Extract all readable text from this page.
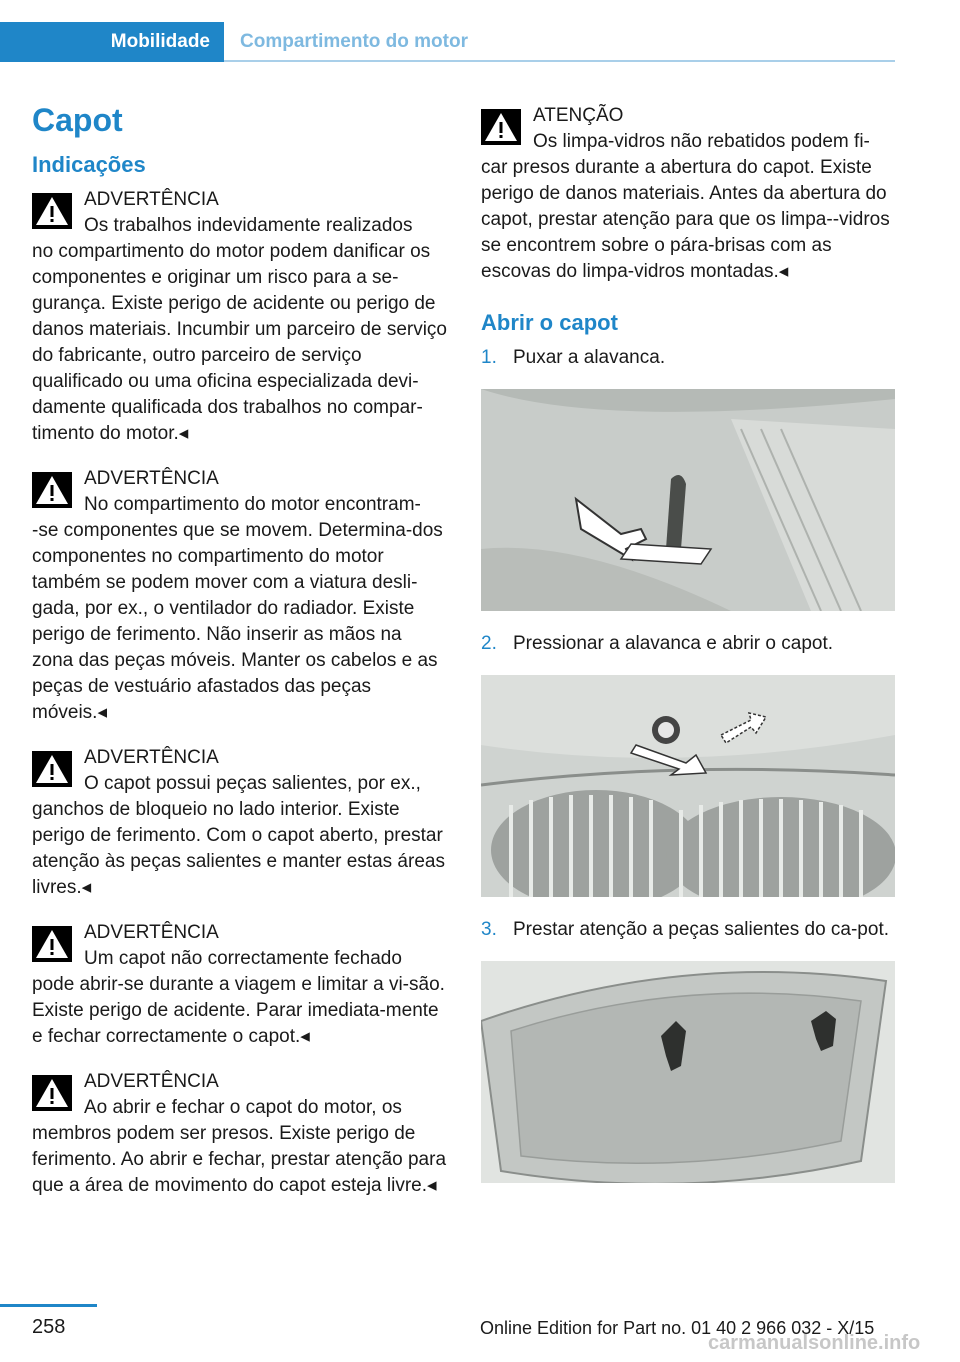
Mobilidade	Compartimento do motor
Capot
Indicações
ADVERTÊNCIA
Os trabalhos indevidamente realizados
no compartimento do motor podem danificar os componentes e originar um risco para a se-gurança. Existe perigo de acidente ou perigo de danos materiais. Incumbir um parceiro de serviço do fabricante, outro parceiro de serviço qualificado ou uma oficina especializada devi-damente qualificada dos trabalhos no compar-timento do motor.◂
ADVERTÊNCIA
No compartimento do motor encontram-
-se componentes que se movem. Determina-dos componentes no compartimento do motor também se podem mover com a viatura desli-gada, por ex., o ventilador do radiador. Existe perigo de ferimento. Não inserir as mãos na zona das peças móveis. Manter os cabelos e as peças de vestuário afastados das peças móveis.◂
ADVERTÊNCIA
O capot possui peças salientes, por ex.,
ganchos de bloqueio no lado interior. Existe perigo de ferimento. Com o capot aberto, prestar atenção às peças salientes e manter estas áreas livres.◂
ADVERTÊNCIA
Um capot não correctamente fechado
pode abrir-se durante a viagem e limitar a vi-são. Existe perigo de acidente. Parar imediata-mente e fechar correctamente o capot.◂
ADVERTÊNCIA
Ao abrir e fechar o capot do motor, os
membros podem ser presos. Existe perigo de ferimento. Ao abrir e fechar, prestar atenção para que a área de movimento do capot esteja livre.◂
ATENÇÃO
Os limpa-vidros não rebatidos podem fi-
car presos durante a abertura do capot. Existe perigo de danos materiais. Antes da abertura do capot, prestar atenção para que os limpa--vidros se encontrem sobre o pára-brisas com as escovas do limpa-vidros montadas.◂
Abrir o capot
1. Puxar a alavanca.
2. Pressionar a alavanca e abrir o capot.
3. Prestar atenção a peças salientes do ca-pot.
258	Online Edition for Part no. 01 40 2 966 032 - X/15
carmanualsonline.info
